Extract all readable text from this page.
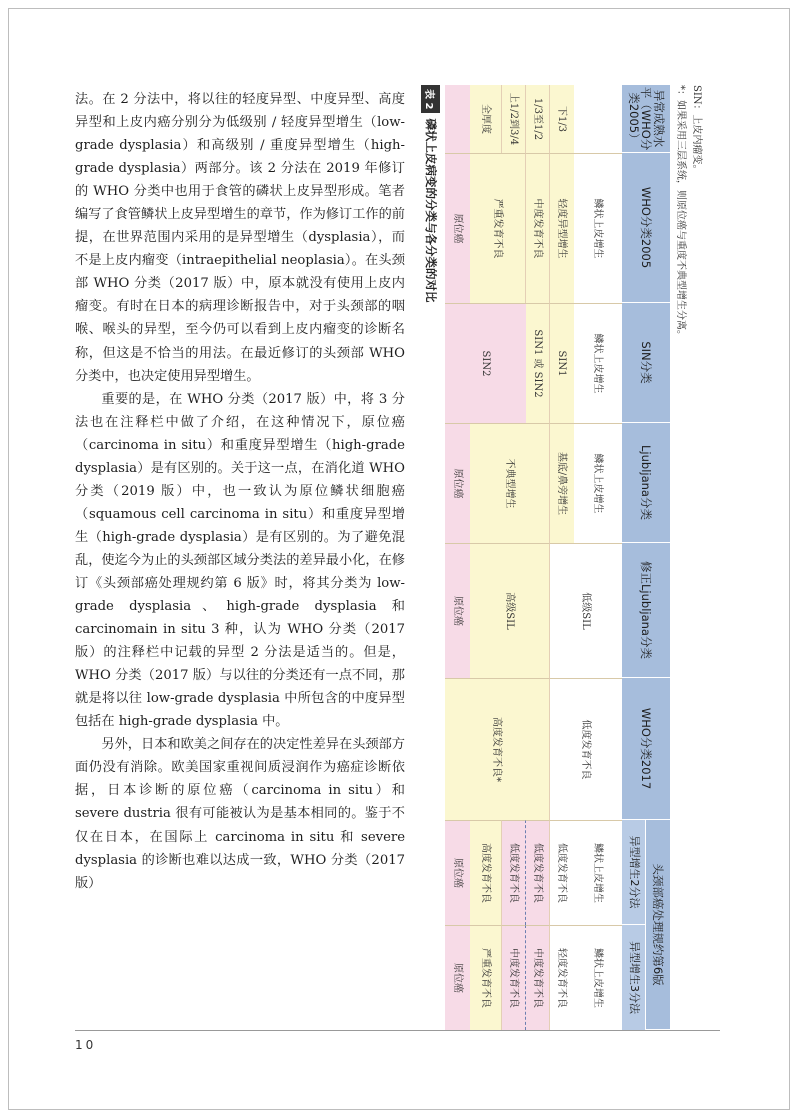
法。在 2 分法中，将以往的轻度异型、中度异型、高度异型和上皮内癌分别分为低级别 / 轻度异型增生（low-grade dysplasia）和高级别 / 重度异型增生（high-grade dysplasia）两部分。该 2 分法在 2019 年修订的 WHO 分类中也用于食管的磷状上皮异型形成。笔者编写了食管鳞状上皮异型增生的章节，作为修订工作的前提，在世界范围内采用的是异型增生（dysplasia），而不是上皮内瘤变（intraepithelial neoplasia）。在头颈部 WHO 分类（2017 版）中，原本就没有使用上皮内瘤变。有时在日本的病理诊断报告中，对于头颈部的咽喉、喉头的异型，至今仍可以看到上皮内瘤变的诊断名称，但这是不恰当的用法。在最近修订的头颈部 WHO 分类中，也决定使用异型增生。

重要的是，在 WHO 分类（2017 版）中，将 3 分法也在注释栏中做了介绍，在这种情况下，原位癌（carcinoma in situ）和重度异型增生（high-grade dysplasia）是有区别的。关于这一点，在消化道 WHO 分类（2019 版）中，也一致认为原位鳞状细胞癌（squamous cell carcinoma in situ）和重度异型增生（high-grade dysplasia）是有区别的。为了避免混乱，使迄今为止的头颈部区域分类法的差异最小化，在修订《头颈部癌处理规约第 6 版》时，将其分类为 low-grade dysplasia、high-grade dysplasia 和 carcinomain in situ 3 种，认为 WHO 分类（2017 版）的注释栏中记载的异型 2 分法是适当的。但是，WHO 分类（2017 版）与以往的分类还有一点不同，那就是将以往 low-grade dysplasia 中所包含的中度异型包括在 high-grade dysplasia 中。

另外，日本和欧美之间存在的决定性差异在头颈部方面仍没有消除。欧美国家重视间质浸润作为癌症诊断依据，日本诊断的原位癌（carcinoma in situ）和 severe dustria 很有可能被认为是基本相同的。鉴于不仅在日本，在国际上 carcinoma in situ 和 severe dysplasia 的诊断也难以达成一致，WHO 分类（2017 版）

表 2
磷状上皮病变的分类与各分类的对比	异常成熟水平（WHO分类2005）
WHO分类2005
SIN分类
Ljubljana分类
修正Ljubljana分类
WHO分类2017
头颈部癌处理规约第6版
异型增生2分法
异型增生3分法
下1/3
1/3至1/2
上1/2到3/4
全厚度
鳞状上皮增生
轻度异型增生
中度发育不良
严重发育不良
原位癌
鳞状上皮增生
SIN1
SIN1 或 SIN2
SIN2
鳞状上皮增生
基底/鼻旁增生
不典型增生
原位癌
低级SIL
高级SIL
原位癌
低度发育不良
高度发育不良*
鳞状上皮增生
低度发育不良
低度发育不良
低度发育不良
高度发育不良
原位癌
鳞状上皮增生
轻度发育不良
中度发育不良
中度发育不良
严重发育不良
原位癌
*：如果采用三层系统，则原位癌与重度不典型增生分离。 SIN：上皮内瘤变。
10
